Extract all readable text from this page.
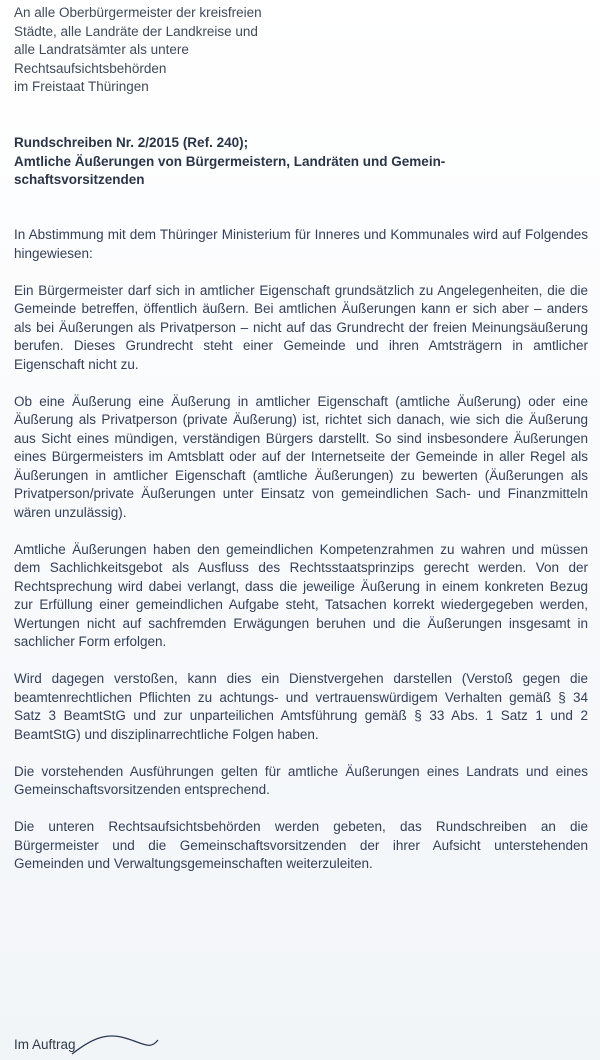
An alle Oberbürgermeister der kreisfreien
Städte, alle Landräte der Landkreise und
alle Landratsämter als untere
Rechtsaufsichtsbehörden
im Freistaat Thüringen
Rundschreiben Nr. 2/2015 (Ref. 240);
Amtliche Äußerungen von Bürgermeistern, Landräten und Gemein-
schaftsvorsitzenden

In Abstimmung mit dem Thüringer Ministerium für Inneres und Kommunales wird auf Folgendes hingewiesen:

Ein Bürgermeister darf sich in amtlicher Eigenschaft grundsätzlich zu Angelegenheiten, die die Gemeinde betreffen, öffentlich äußern. Bei amtlichen Äußerungen kann er sich aber – anders als bei Äußerungen als Privatperson – nicht auf das Grundrecht der freien Meinungsäußerung berufen. Dieses Grundrecht steht einer Gemeinde und ihren Amtsträgern in amtlicher Eigenschaft nicht zu.

Ob eine Äußerung eine Äußerung in amtlicher Eigenschaft (amtliche Äußerung) oder eine Äußerung als Privatperson (private Äußerung) ist, richtet sich danach, wie sich die Äußerung aus Sicht eines mündigen, verständigen Bürgers darstellt. So sind insbesondere Äußerungen eines Bürgermeisters im Amtsblatt oder auf der Internetseite der Gemeinde in aller Regel als Äußerungen in amtlicher Eigenschaft (amtliche Äußerungen) zu bewerten (Äußerungen als Privatperson/private Äußerungen unter Einsatz von gemeindlichen Sach- und Finanzmitteln wären unzulässig).

Amtliche Äußerungen haben den gemeindlichen Kompetenzrahmen zu wahren und müssen dem Sachlichkeitsgebot als Ausfluss des Rechtsstaatsprinzips gerecht werden. Von der Rechtsprechung wird dabei verlangt, dass die jeweilige Äußerung in einem konkreten Bezug zur Erfüllung einer gemeindlichen Aufgabe steht, Tatsachen korrekt wiedergegeben werden, Wertungen nicht auf sachfremden Erwägungen beruhen und die Äußerungen insgesamt in sachlicher Form erfolgen.

Wird dagegen verstoßen, kann dies ein Dienstvergehen darstellen (Verstoß gegen die beamtenrechtlichen Pflichten zu achtungs- und vertrauenswürdigem Verhalten gemäß § 34 Satz 3 BeamtStG und zur unparteilichen Amtsführung gemäß § 33 Abs. 1 Satz 1 und 2 BeamtStG) und disziplinarrechtliche Folgen haben.

Die vorstehenden Ausführungen gelten für amtliche Äußerungen eines Landrats und eines Gemeinschaftsvorsitzenden entsprechend.

Die unteren Rechtsaufsichtsbehörden werden gebeten, das Rundschreiben an die Bürgermeister und die Gemeinschaftsvorsitzenden der ihrer Aufsicht unterstehenden Gemeinden und Verwaltungsgemeinschaften weiterzuleiten.

Im Auftrag
